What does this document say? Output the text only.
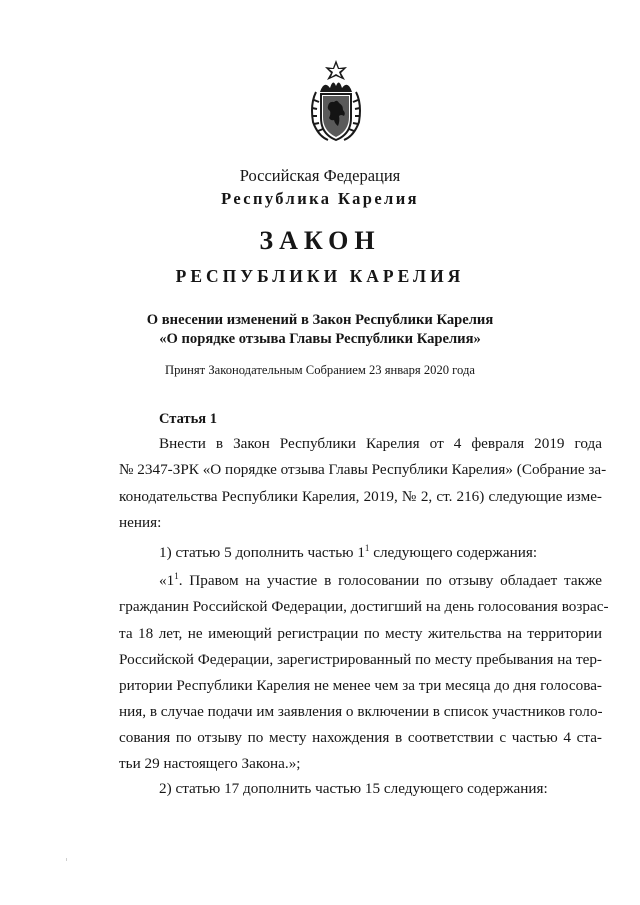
Российская Федерация
Республика Карелия
ЗАКОН
РЕСПУБЛИКИ КАРЕЛИЯ
О внесении изменений в Закон Республики Карелия
«О порядке отзыва Главы Республики Карелия»
Принят Законодательным Собранием 23 января 2020 года
Статья 1
Внести в Закон Республики Карелия от 4 февраля 2019 года
№ 2347-ЗРК «О порядке отзыва Главы Республики Карелия» (Собрание за-
конодательства Республики Карелия, 2019, № 2, ст. 216) следующие изме-
нения:
1) статью 5 дополнить частью $1^1$ следующего содержания:
«$1^1$. Правом на участие в голосовании по отзыву обладает также
гражданин Российской Федерации, достигший на день голосования возрас-
та 18 лет, не имеющий регистрации по месту жительства на территории
Российской Федерации, зарегистрированный по месту пребывания на тер-
ритории Республики Карелия не менее чем за три месяца до дня голосова-
ния, в случае подачи им заявления о включении в список участников голо-
сования по отзыву по месту нахождения в соответствии с частью 4 ста-
тьи 29 настоящего Закона.»;
2) статью 17 дополнить частью 15 следующего содержания:
